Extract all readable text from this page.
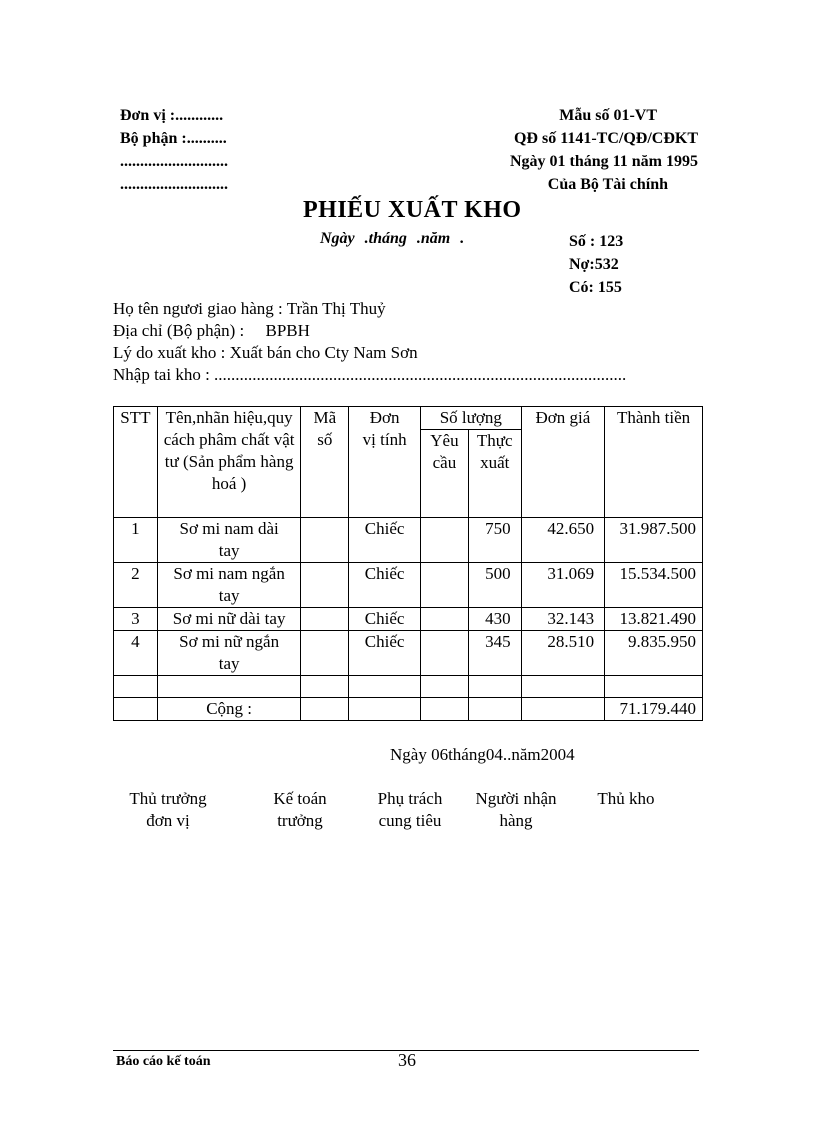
Đơn vị :............
Bộ phận :..........
...........................
...........................
Mẫu số 01-VT
QĐ số 1141-TC/QĐ/CĐKT
Ngày 01 tháng 11 năm 1995
Của Bộ Tài chính
PHIẾU XUẤT KHO
Ngày .tháng .năm .	Số : 123
Nợ:532
Có: 155
Họ tên ngươi giao hàng : Trần Thị Thuỷ
Địa chỉ (Bộ phận) :     BPBH
Lý do xuất kho : Xuất bán cho Cty Nam Sơn
Nhập tai kho : .................................................................................................
STT	Tên,nhãn hiệu,quy cách phâm chất vật tư (Sản phẩm hàng hoá )	Mã số	Đơn vị tính	Số lượng		Đơn giá	Thành tiền
				Yêu cầu	Thực xuất		
1	Sơ mi nam dài tay		Chiếc		750	42.650	31.987.500
2	Sơ mi nam ngắn tay		Chiếc		500	31.069	15.534.500
3	Sơ mi nữ dài tay		Chiếc		430	32.143	13.821.490
4	Sơ mi nữ ngắn tay		Chiếc		345	28.510	9.835.950

	Cộng :						71.179.440
Ngày 06tháng04..năm2004
Thủ trưởng đơn vị
Kế toán trưởng
Phụ trách cung tiêu
Người nhận hàng
Thủ kho
Báo cáo kế toán	36
